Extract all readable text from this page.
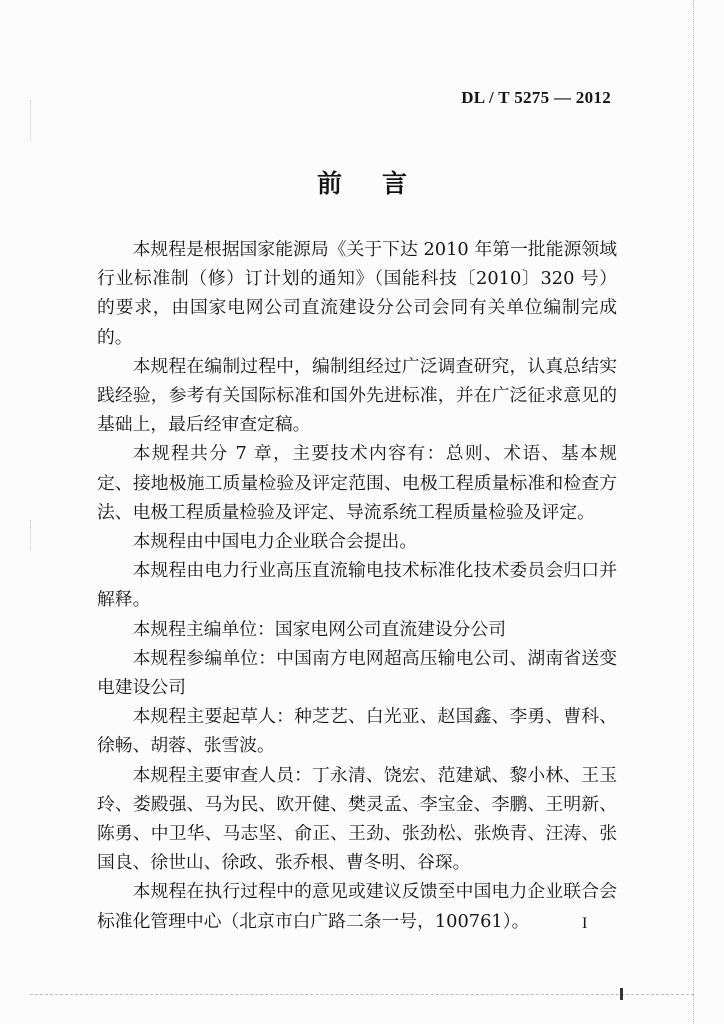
DL / T 5275 — 2012
前言

本规程是根据国家能源局《关于下达 2010 年第一批能源领域行业标准制（修）订计划的通知》（国能科技〔2010〕320 号）的要求，由国家电网公司直流建设分公司会同有关单位编制完成的。

本规程在编制过程中，编制组经过广泛调查研究，认真总结实践经验，参考有关国际标准和国外先进标准，并在广泛征求意见的基础上，最后经审查定稿。

本规程共分 7 章，主要技术内容有：总则、术语、基本规定、接地极施工质量检验及评定范围、电极工程质量标准和检查方法、电极工程质量检验及评定、导流系统工程质量检验及评定。

本规程由中国电力企业联合会提出。

本规程由电力行业高压直流输电技术标准化技术委员会归口并解释。

本规程主编单位：国家电网公司直流建设分公司

本规程参编单位：中国南方电网超高压输电公司、湖南省送变电建设公司

本规程主要起草人：种芝艺、白光亚、赵国鑫、李勇、曹科、徐畅、胡蓉、张雪波。

本规程主要审查人员：丁永清、饶宏、范建斌、黎小林、王玉玲、娄殿强、马为民、欧开健、樊灵孟、李宝金、李鹏、王明新、陈勇、中卫华、马志坚、俞正、王劲、张劲松、张焕青、汪涛、张国良、徐世山、徐政、张乔根、曹冬明、谷琛。

本规程在执行过程中的意见或建议反馈至中国电力企业联合会标准化管理中心（北京市白广路二条一号，100761）。	I
